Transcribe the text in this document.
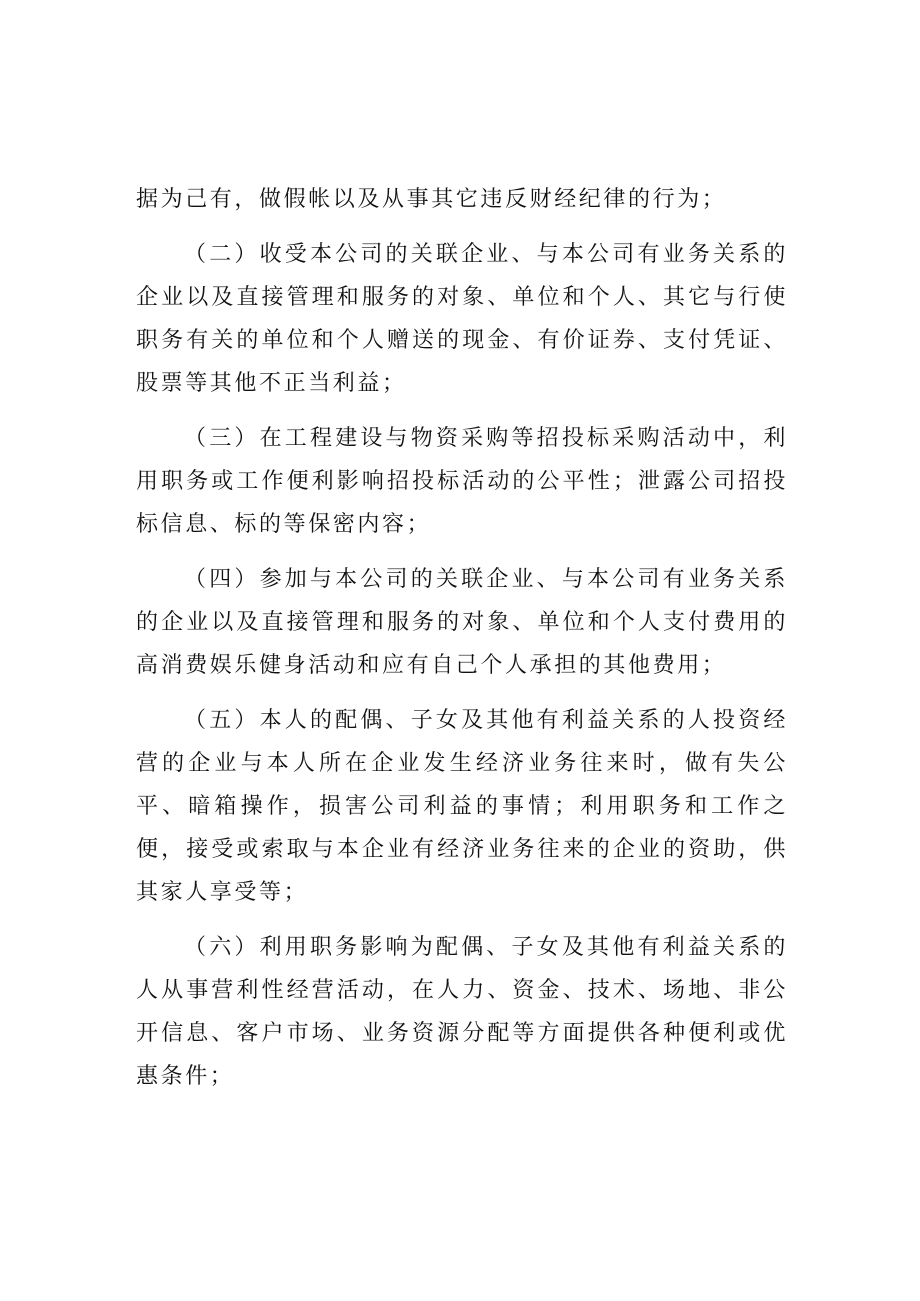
据为己有，做假帐以及从事其它违反财经纪律的行为；

（二）收受本公司的关联企业、与本公司有业务关系的企业以及直接管理和服务的对象、单位和个人、其它与行使职务有关的单位和个人赠送的现金、有价证券、支付凭证、股票等其他不正当利益；

（三）在工程建设与物资采购等招投标采购活动中，利用职务或工作便利影响招投标活动的公平性；泄露公司招投标信息、标的等保密内容；

（四）参加与本公司的关联企业、与本公司有业务关系的企业以及直接管理和服务的对象、单位和个人支付费用的高消费娱乐健身活动和应有自己个人承担的其他费用；

（五）本人的配偶、子女及其他有利益关系的人投资经营的企业与本人所在企业发生经济业务往来时，做有失公平、暗箱操作，损害公司利益的事情；利用职务和工作之便，接受或索取与本企业有经济业务往来的企业的资助，供其家人享受等；

（六）利用职务影响为配偶、子女及其他有利益关系的人从事营利性经营活动，在人力、资金、技术、场地、非公开信息、客户市场、业务资源分配等方面提供各种便利或优惠条件；
